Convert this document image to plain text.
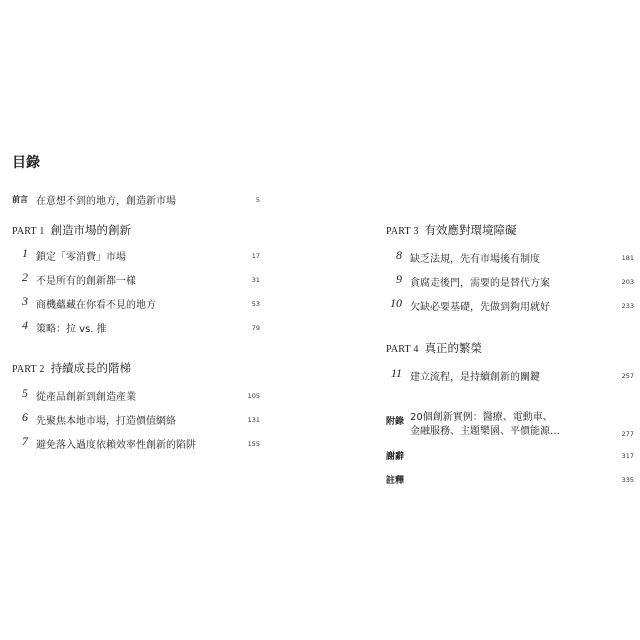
目錄
前言 在意想不到的地方，創造新市場	5
PART 1 創造市場的創新
1 鎖定「零消費」市場	17
2 不是所有的創新都一樣	31
3 商機蘊藏在你看不見的地方	53
4 策略：拉 vs. 推	79
PART 2 持續成長的階梯
5 從產品創新到創造產業	105
6 先聚焦本地市場，打造價值網絡	131
7 避免落入過度依賴效率性創新的陷阱	155
PART 3 有效應對環境障礙
8 缺乏法規，先有市場後有制度	181
9 貪腐走後門，需要的是替代方案	203
10 欠缺必要基礎，先做到夠用就好	233
PART 4 真正的繁榮
11 建立流程，是持續創新的關鍵	257
附錄 20個創新實例：醫療、電動車、
金融服務、主題樂園、平價能源…	277
謝辭	317
註釋	335
